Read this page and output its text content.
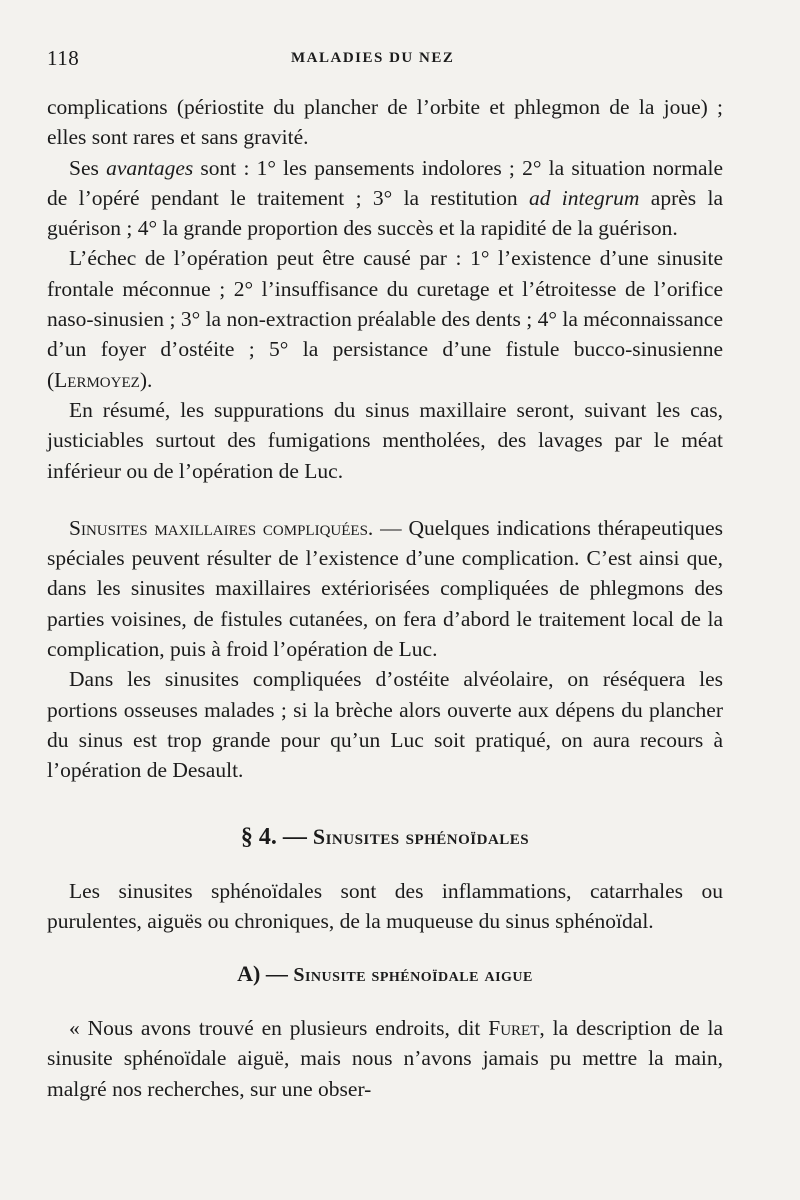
118	MALADIES DU NEZ

complications (périostite du plancher de l’orbite et phlegmon de la joue) ; elles sont rares et sans gravité.

Ses avantages sont : 1° les pansements indolores ; 2° la situation normale de l’opéré pendant le traitement ; 3° la restitution ad integrum après la guérison ; 4° la grande proportion des succès et la rapidité de la guérison.

L’échec de l’opération peut être causé par : 1° l’existence d’une sinusite frontale méconnue ; 2° l’insuffisance du curetage et l’étroitesse de l’orifice naso-sinusien ; 3° la non-extraction préalable des dents ; 4° la méconnaissance d’un foyer d’ostéite ; 5° la persistance d’une fistule bucco-sinusienne (Lermoyez).

En résumé, les suppurations du sinus maxillaire seront, suivant les cas, justiciables surtout des fumigations mentholées, des lavages par le méat inférieur ou de l’opération de Luc.

Sinusites maxillaires compliquées. — Quelques indications thérapeutiques spéciales peuvent résulter de l’existence d’une complication. C’est ainsi que, dans les sinusites maxillaires extériorisées compliquées de phlegmons des parties voisines, de fistules cutanées, on fera d’abord le traitement local de la complication, puis à froid l’opération de Luc.

Dans les sinusites compliquées d’ostéite alvéolaire, on réséquera les portions osseuses malades ; si la brèche alors ouverte aux dépens du plancher du sinus est trop grande pour qu’un Luc soit pratiqué, on aura recours à l’opération de Desault.

§ 4. — Sinusites sphénoïdales

Les sinusites sphénoïdales sont des inflammations, catarrhales ou purulentes, aiguës ou chroniques, de la muqueuse du sinus sphénoïdal.

A) — Sinusite sphénoïdale aigue

« Nous avons trouvé en plusieurs endroits, dit Furet, la description de la sinusite sphénoïdale aiguë, mais nous n’avons jamais pu mettre la main, malgré nos recherches, sur une obser-
